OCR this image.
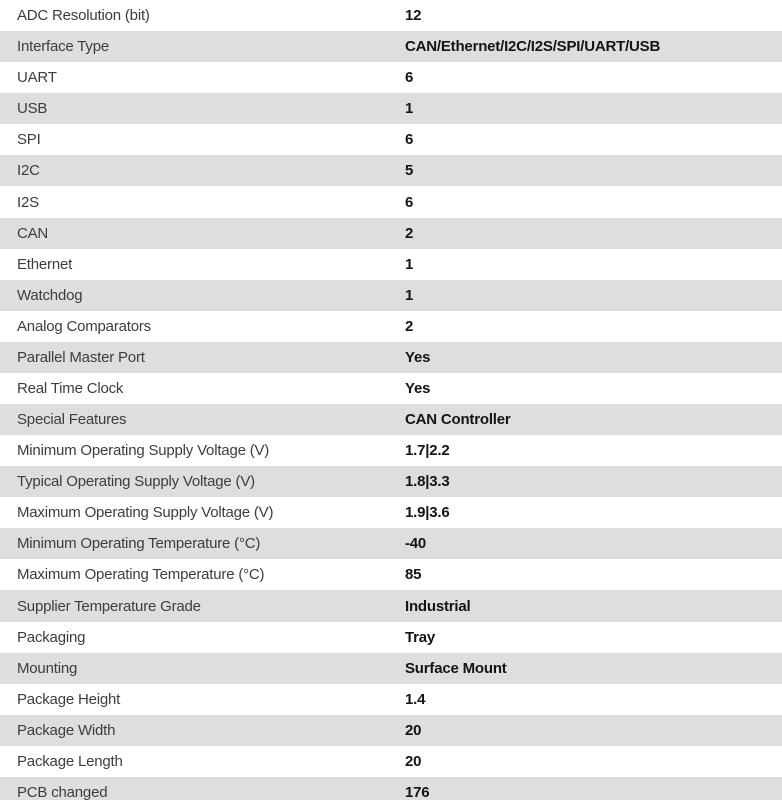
ADC Resolution (bit)	12
Interface Type	CAN/Ethernet/I2C/I2S/SPI/UART/USB
UART	6
USB	1
SPI	6
I2C	5
I2S	6
CAN	2
Ethernet	1
Watchdog	1
Analog Comparators	2
Parallel Master Port	Yes
Real Time Clock	Yes
Special Features	CAN Controller
Minimum Operating Supply Voltage (V)	1.7|2.2
Typical Operating Supply Voltage (V)	1.8|3.3
Maximum Operating Supply Voltage (V)	1.9|3.6
Minimum Operating Temperature (°C)	-40
Maximum Operating Temperature (°C)	85
Supplier Temperature Grade	Industrial
Packaging	Tray
Mounting	Surface Mount
Package Height	1.4
Package Width	20
Package Length	20
PCB changed	176
